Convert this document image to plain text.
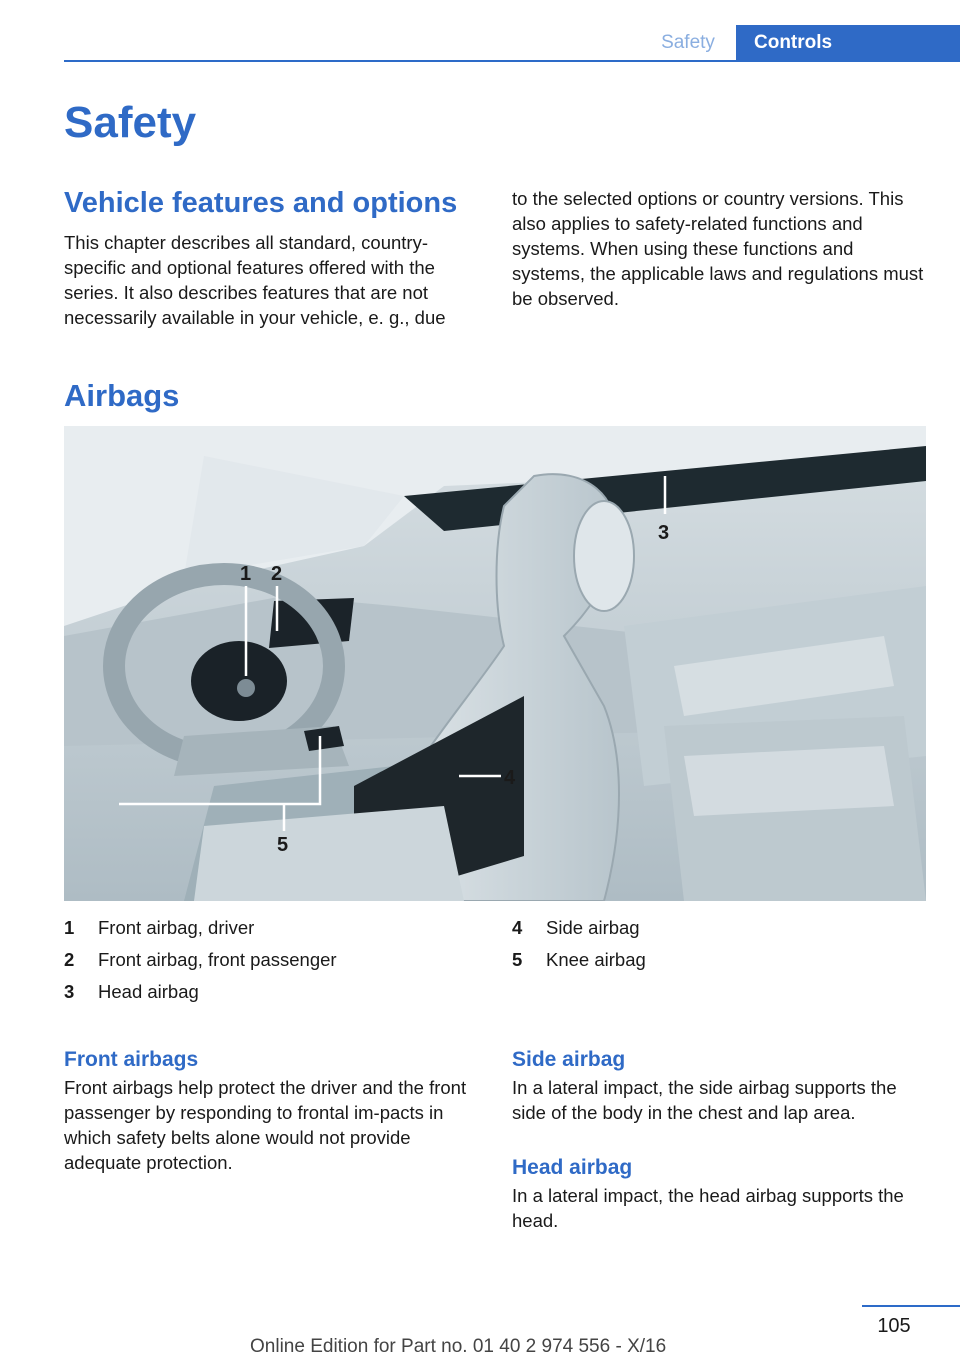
Safety	Controls
Safety
Vehicle features and options

This chapter describes all standard, country-specific and optional features offered with the series. It also describes features that are not necessarily available in your vehicle, e. g., due

to the selected options or country versions. This also applies to safety-related functions and systems. When using these functions and systems, the applicable laws and regulations must be observed.

Airbags
1 2
3
4
5
1	Front airbag, driver
2	Front airbag, front passenger
3	Head airbag
4	Side airbag
5	Knee airbag
Front airbags

Front airbags help protect the driver and the front passenger by responding to frontal im-pacts in which safety belts alone would not provide adequate protection.

Side airbag

In a lateral impact, the side airbag supports the side of the body in the chest and lap area.

Head airbag

In a lateral impact, the head airbag supports the head.

105
Online Edition for Part no. 01 40 2 974 556 - X/16
